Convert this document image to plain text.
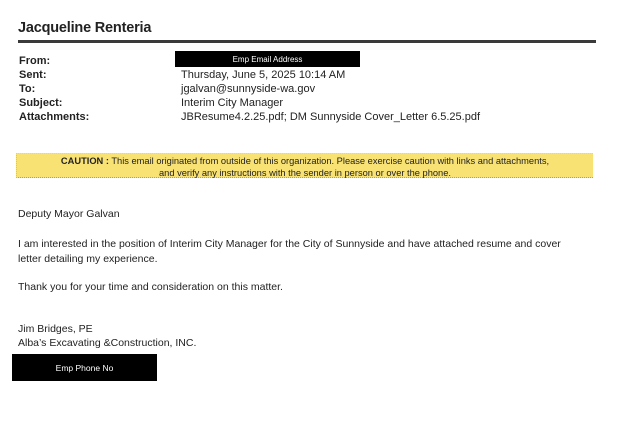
Jacqueline Renteria
From:	Emp Email Address
Sent:	Thursday, June 5, 2025 10:14 AM
To:	jgalvan@sunnyside-wa.gov
Subject:	Interim City Manager
Attachments:	JBResume4.2.25.pdf; DM Sunnyside Cover_Letter 6.5.25.pdf
CAUTION : This email originated from outside of this organization. Please exercise caution with links and attachments,
and verify any instructions with the sender in person or over the phone.
Deputy Mayor Galvan
I am interested in the position of Interim City Manager for the City of Sunnyside and have attached resume and cover
letter detailing my experience.
Thank you for your time and consideration on this matter.
Jim Bridges, PE
Alba’s Excavating &Construction, INC.
Emp Phone No
